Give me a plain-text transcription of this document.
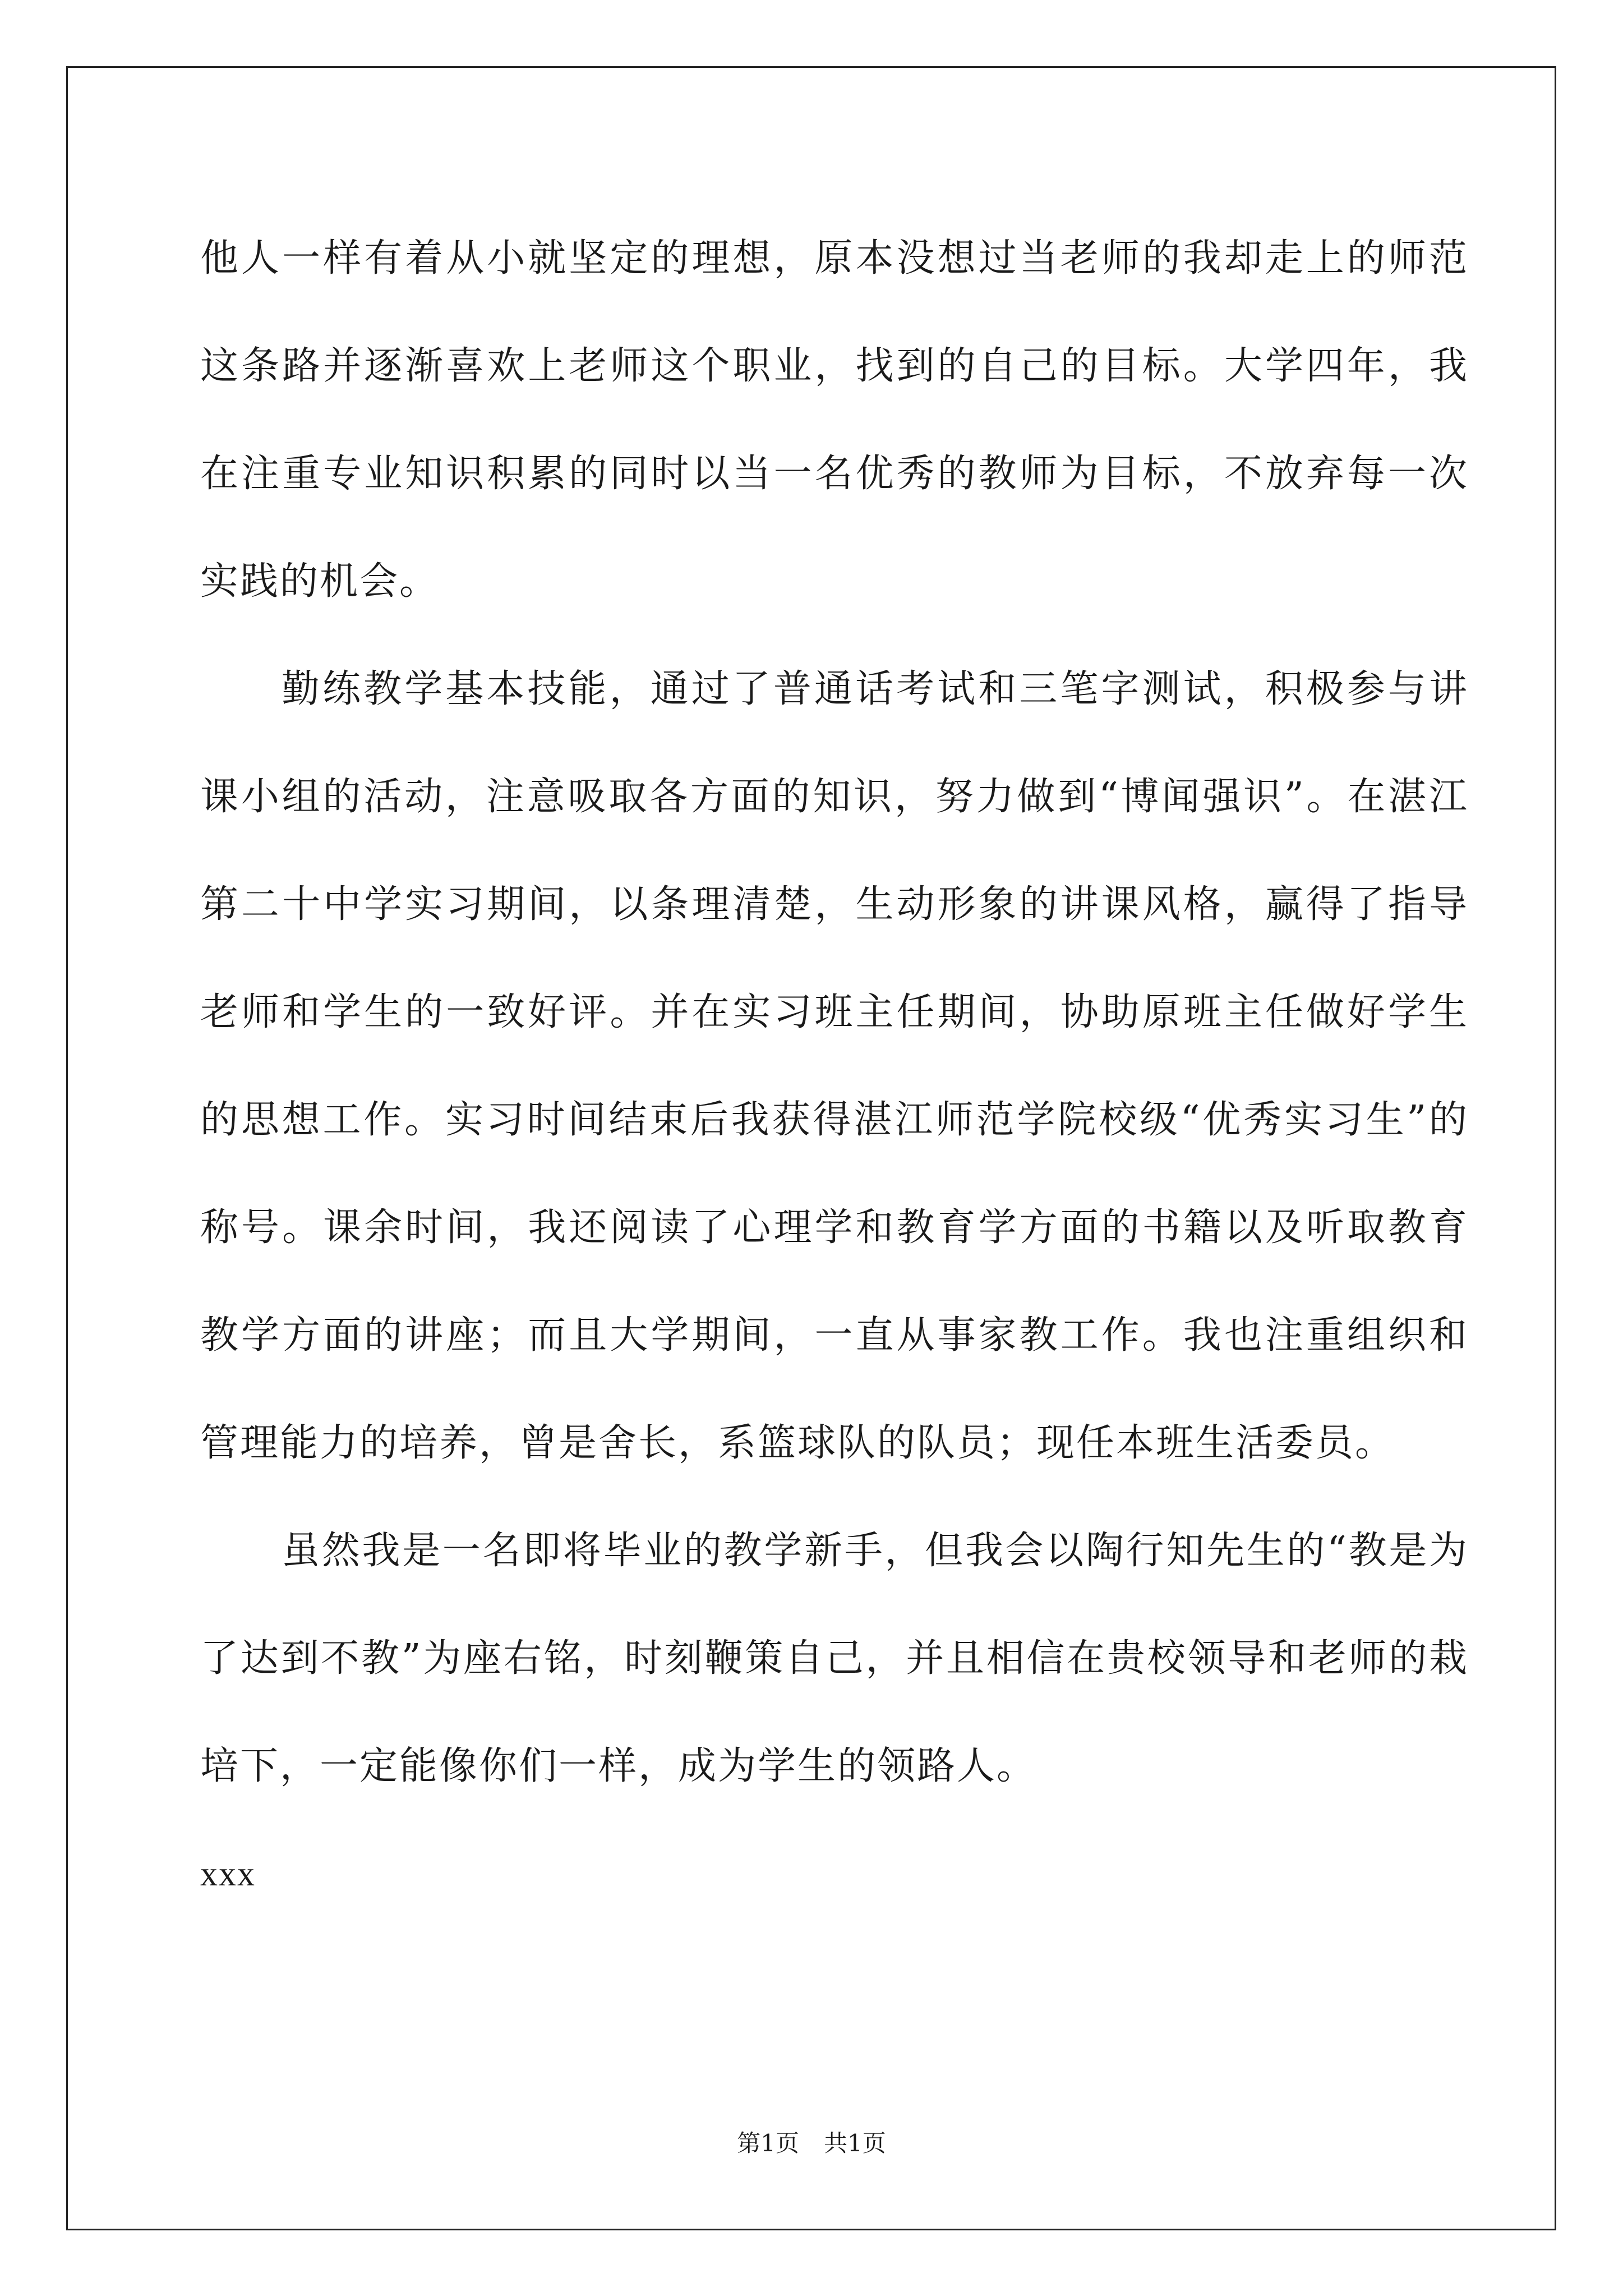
他人一样有着从小就坚定的理想，原本没想过当老师的我却走上的师范这条路并逐渐喜欢上老师这个职业，找到的自己的目标。大学四年，我在注重专业知识积累的同时以当一名优秀的教师为目标，不放弃每一次实践的机会。

勤练教学基本技能，通过了普通话考试和三笔字测试，积极参与讲课小组的活动，注意吸取各方面的知识，努力做到“博闻强识”。在湛江第二十中学实习期间，以条理清楚，生动形象的讲课风格，赢得了指导老师和学生的一致好评。并在实习班主任期间，协助原班主任做好学生的思想工作。实习时间结束后我获得湛江师范学院校级“优秀实习生”的称号。课余时间，我还阅读了心理学和教育学方面的书籍以及听取教育教学方面的讲座；而且大学期间，一直从事家教工作。我也注重组织和管理能力的培养，曾是舍长，系篮球队的队员；现任本班生活委员。

虽然我是一名即将毕业的教学新手，但我会以陶行知先生的“教是为了达到不教”为座右铭，时刻鞭策自己，并且相信在贵校领导和老师的栽培下，一定能像你们一样，成为学生的领路人。

xxx

第1页 共1页
